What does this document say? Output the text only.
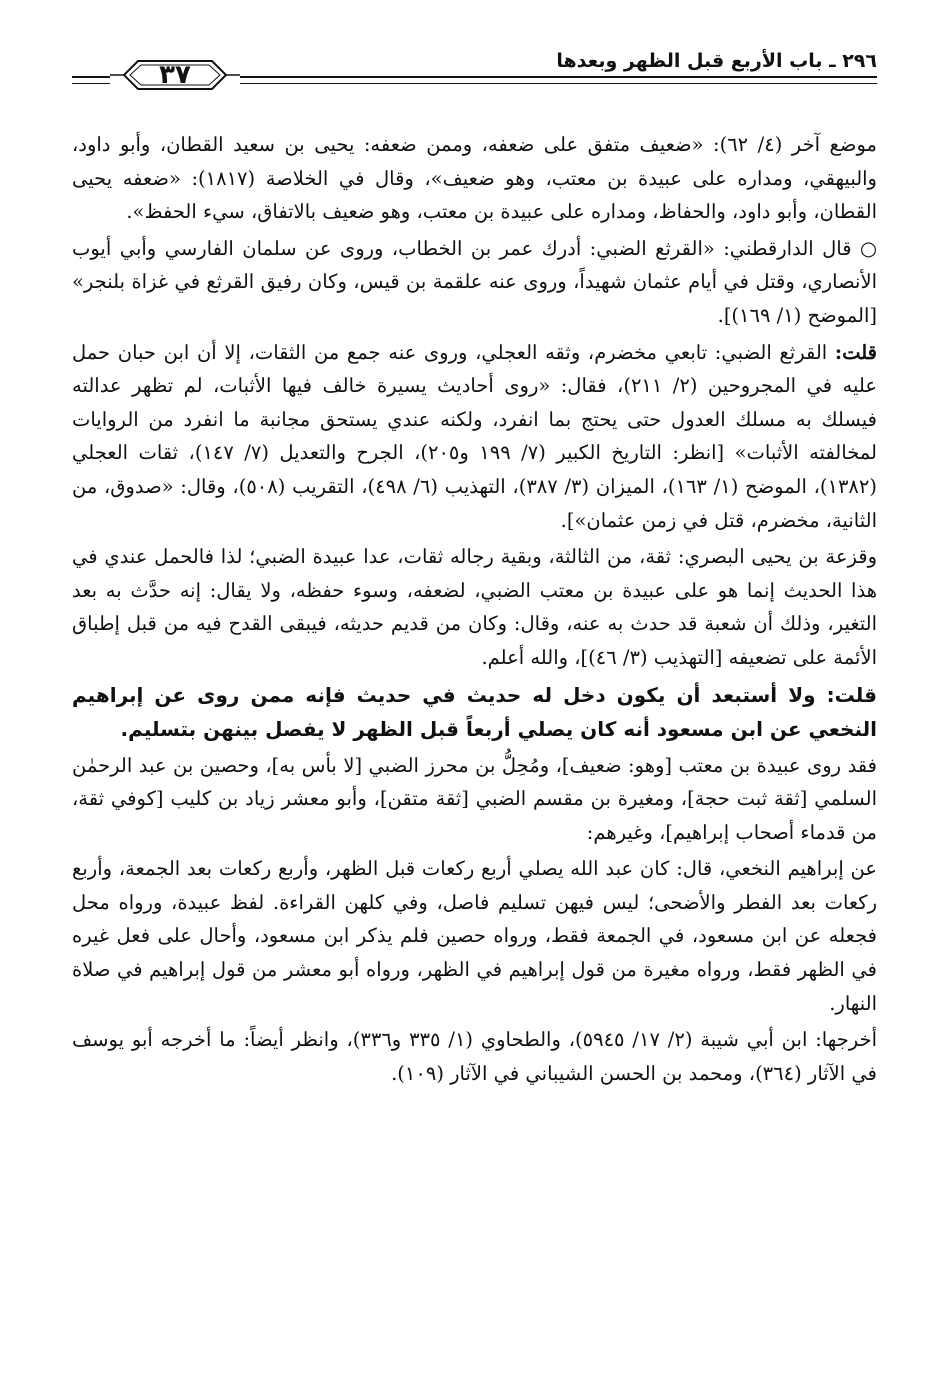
٢٩٦ ـ باب الأربع قبل الظهر وبعدها
٣٧

موضع آخر (٤/ ٦٢): «ضعيف متفق على ضعفه، وممن ضعفه: يحيى بن سعيد القطان، وأبو داود، والبيهقي، ومداره على عبيدة بن معتب، وهو ضعيف»، وقال في الخلاصة (١٨١٧): «ضعفه يحيى القطان، وأبو داود، والحفاظ، ومداره على عبيدة بن معتب، وهو ضعيف بالاتفاق، سيء الحفظ».

○ قال الدارقطني: «القرثع الضبي: أدرك عمر بن الخطاب، وروى عن سلمان الفارسي وأبي أيوب الأنصاري، وقتل في أيام عثمان شهيداً، وروى عنه علقمة بن قيس، وكان رفيق القرثع في غزاة بلنجر» [الموضح (١/ ١٦٩)].

قلت: القرثع الضبي: تابعي مخضرم، وثقه العجلي، وروى عنه جمع من الثقات، إلا أن ابن حبان حمل عليه في المجروحين (٢/ ٢١١)، فقال: «روى أحاديث يسيرة خالف فيها الأثبات، لم تظهر عدالته فيسلك به مسلك العدول حتى يحتج بما انفرد، ولكنه عندي يستحق مجانبة ما انفرد من الروايات لمخالفته الأثبات» [انظر: التاريخ الكبير (٧/ ١٩٩ و٢٠٥)، الجرح والتعديل (٧/ ١٤٧)، ثقات العجلي (١٣٨٢)، الموضح (١/ ١٦٣)، الميزان (٣/ ٣٨٧)، التهذيب (٦/ ٤٩٨)، التقريب (٥٠٨)، وقال: «صدوق، من الثانية، مخضرم، قتل في زمن عثمان»].

وقزعة بن يحيى البصري: ثقة، من الثالثة، وبقية رجاله ثقات، عدا عبيدة الضبي؛ لذا فالحمل عندي في هذا الحديث إنما هو على عبيدة بن معتب الضبي، لضعفه، وسوء حفظه، ولا يقال: إنه حدَّث به بعد التغير، وذلك أن شعبة قد حدث به عنه، وقال: وكان من قديم حديثه، فيبقى القدح فيه من قبل إطباق الأئمة على تضعيفه [التهذيب (٣/ ٤٦)]، والله أعلم.

قلت: ولا أستبعد أن يكون دخل له حديث في حديث فإنه ممن روى عن إبراهيم النخعي عن ابن مسعود أنه كان يصلي أربعاً قبل الظهر لا يفصل بينهن بتسليم.

فقد روى عبيدة بن معتب [وهو: ضعيف]، ومُحِلُّ بن محرز الضبي [لا بأس به]، وحصين بن عبد الرحمٰن السلمي [ثقة ثبت حجة]، ومغيرة بن مقسم الضبي [ثقة متقن]، وأبو معشر زياد بن كليب [كوفي ثقة، من قدماء أصحاب إبراهيم]، وغيرهم:

عن إبراهيم النخعي، قال: كان عبد الله يصلي أربع ركعات قبل الظهر، وأربع ركعات بعد الجمعة، وأربع ركعات بعد الفطر والأضحى؛ ليس فيهن تسليم فاصل، وفي كلهن القراءة. لفظ عبيدة، ورواه محل فجعله عن ابن مسعود، في الجمعة فقط، ورواه حصين فلم يذكر ابن مسعود، وأحال على فعل غيره في الظهر فقط، ورواه مغيرة من قول إبراهيم في الظهر، ورواه أبو معشر من قول إبراهيم في صلاة النهار.

أخرجها: ابن أبي شيبة (٢/ ١٧/ ٥٩٤٥)، والطحاوي (١/ ٣٣٥ و٣٣٦)، وانظر أيضاً: ما أخرجه أبو يوسف في الآثار (٣٦٤)، ومحمد بن الحسن الشيباني في الآثار (١٠٩).
